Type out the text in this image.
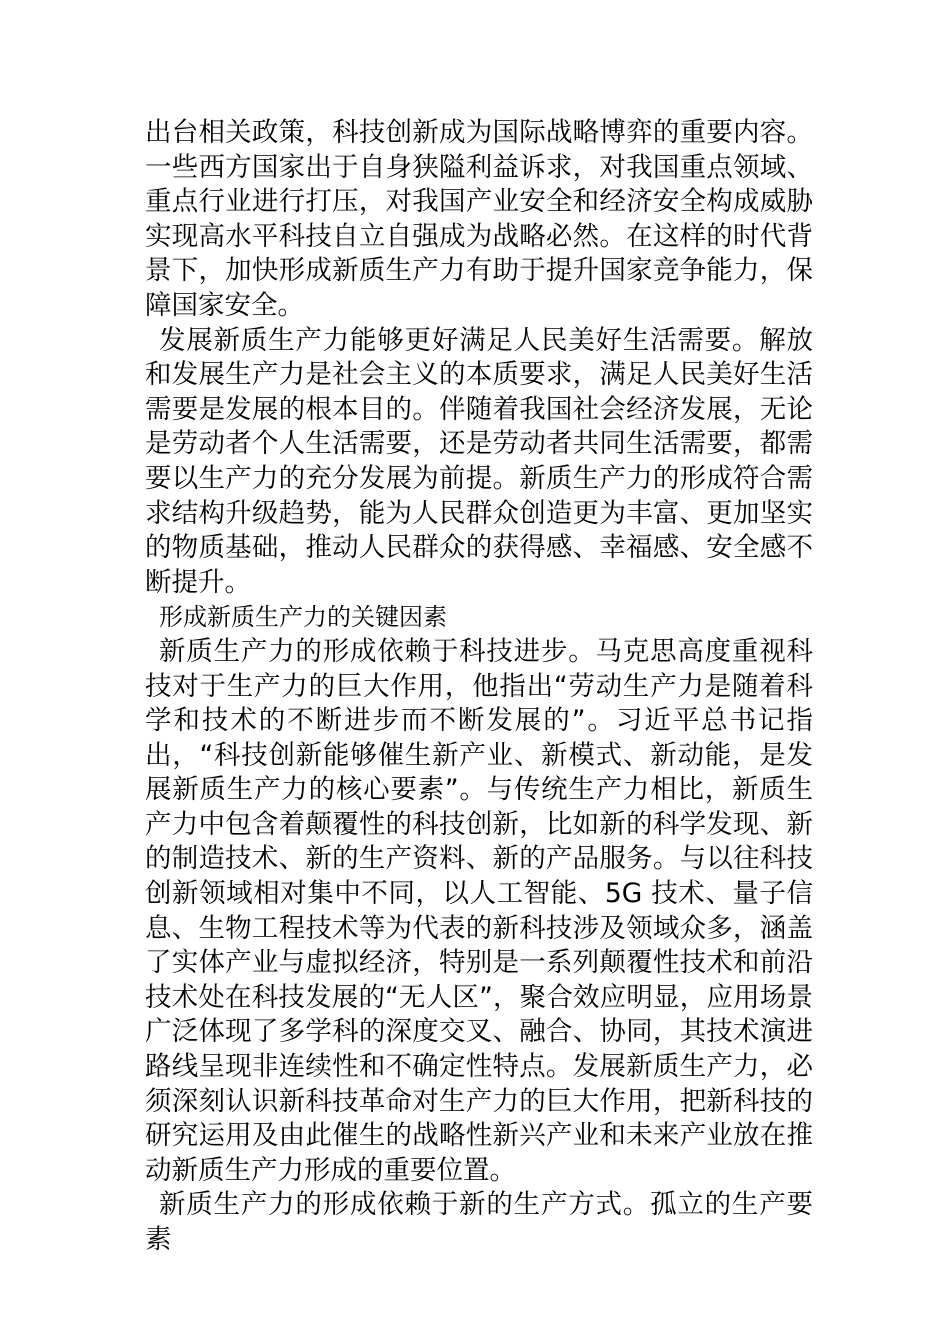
出台相关政策，科技创新成为国际战略博弈的重要内容。一些西方国家出于自身狭隘利益诉求，对我国重点领域、重点行业进行打压，对我国产业安全和经济安全构成威胁实现高水平科技自立自强成为战略必然。在这样的时代背景下，加快形成新质生产力有助于提升国家竞争能力，保障国家安全。

发展新质生产力能够更好满足人民美好生活需要。解放和发展生产力是社会主义的本质要求，满足人民美好生活需要是发展的根本目的。伴随着我国社会经济发展，无论是劳动者个人生活需要，还是劳动者共同生活需要，都需要以生产力的充分发展为前提。新质生产力的形成符合需求结构升级趋势，能为人民群众创造更为丰富、更加坚实的物质基础，推动人民群众的获得感、幸福感、安全感不断提升。

形成新质生产力的关键因素

新质生产力的形成依赖于科技进步。马克思高度重视科技对于生产力的巨大作用，他指出“劳动生产力是随着科学和技术的不断进步而不断发展的”。习近平总书记指出，“科技创新能够催生新产业、新模式、新动能，是发展新质生产力的核心要素”。与传统生产力相比，新质生产力中包含着颠覆性的科技创新，比如新的科学发现、新的制造技术、新的生产资料、新的产品服务。与以往科技创新领域相对集中不同，以人工智能、5G 技术、量子信息、生物工程技术等为代表的新科技涉及领域众多，涵盖了实体产业与虚拟经济，特别是一系列颠覆性技术和前沿技术处在科技发展的“无人区”，聚合效应明显，应用场景广泛体现了多学科的深度交叉、融合、协同，其技术演进路线呈现非连续性和不确定性特点。发展新质生产力，必须深刻认识新科技革命对生产力的巨大作用，把新科技的研究运用及由此催生的战略性新兴产业和未来产业放在推动新质生产力形成的重要位置。

新质生产力的形成依赖于新的生产方式。孤立的生产要素
